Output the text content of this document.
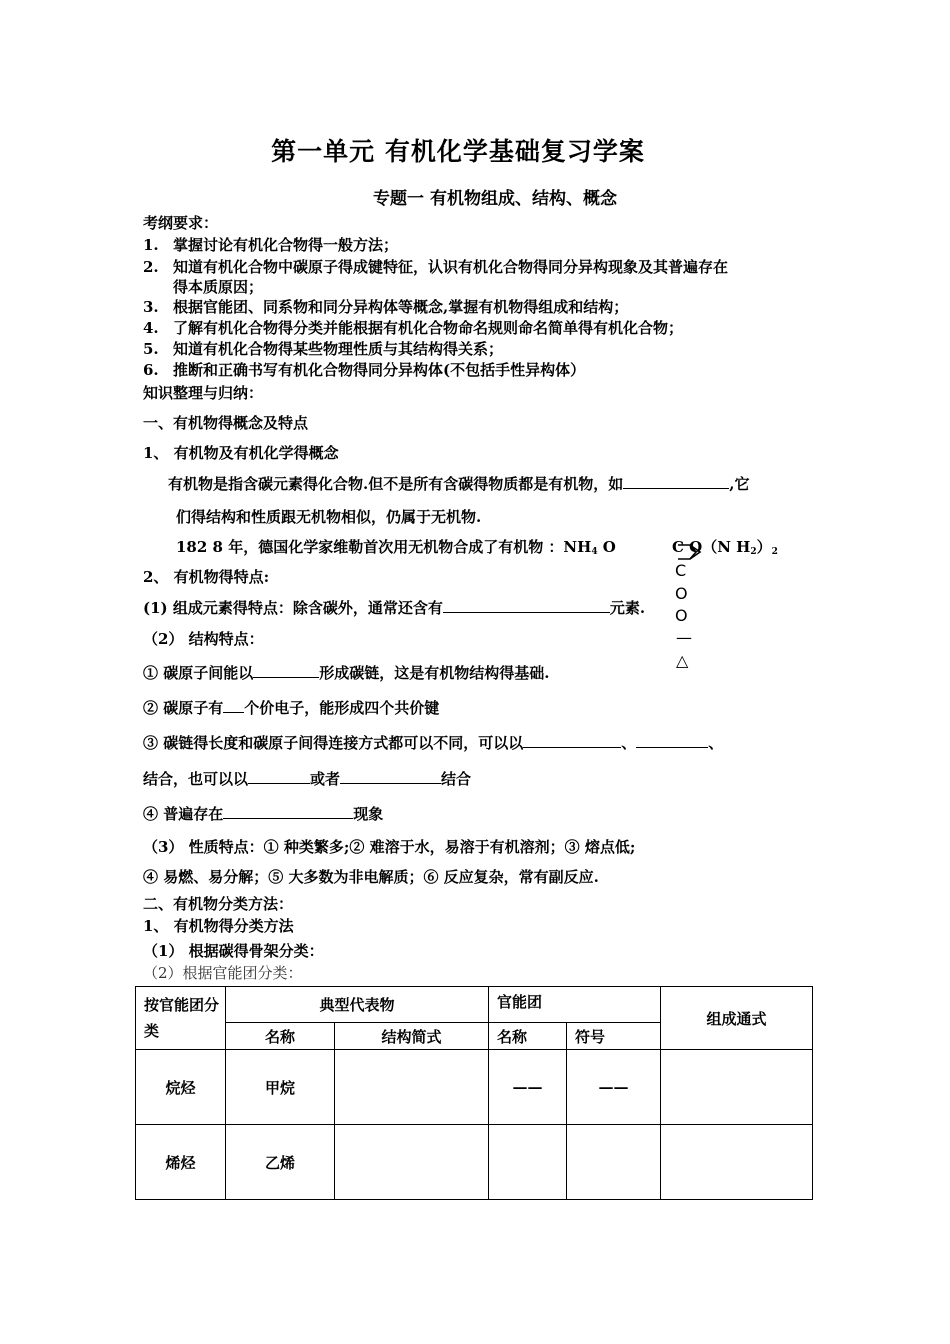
第一单元 有机化学基础复习学案
专题一 有机物组成、结构、概念
考纲要求：
1. 掌握讨论有机化合物得一般方法；
2. 知道有机化合物中碳原子得成键特征，认识有机化合物得同分异构现象及其普遍存在
得本质原因；
3. 根据官能团、同系物和同分异构体等概念,掌握有机物得组成和结构；
4. 了解有机化合物得分类并能根据有机化合物命名规则命名简单得有机化合物；
5. 知道有机化合物得某些物理性质与其结构得关系；
6. 推断和正确书写有机化合物得同分异构体(不包括手性异构体）
知识整理与归纳：
一、有机物得概念及特点
1、 有机物及有机化学得概念
有机物是指含碳元素得化合物.但不是所有含碳得物质都是有机物，如	,它
们得结构和性质跟无机物相似，仍属于无机物.
182 8 年，德国化学家维勒首次用无机物合成了有机物 ：$NH_4$ O	C O（N $H_2)_2$
C
O
O
—
△
2、 有机物得特点:
(1) 组成元素得特点：除含碳外，通常还含有	元素.
（2） 结构特点：
① 碳原子间能以	形成碳链，这是有机物结构得基础.
② 碳原子有 个价电子，能形成四个共价键
③ 碳链得长度和碳原子间得连接方式都可以不同，可以以	、	、
结合，也可以以	或者	结合
④ 普遍存在	现象
（3） 性质特点：① 种类繁多;② 难溶于水，易溶于有机溶剂；③ 熔点低;
④ 易燃、易分解；⑤ 大多数为非电解质；⑥ 反应复杂，常有副反应.
二、有机物分类方法：
1、 有机物得分类方法
（1） 根据碳得骨架分类：
（2）根据官能团分类：
按官能团分类	典型代表物		官能团		组成通式
	名称	结构简式	名称	符号	
烷烃	甲烷		——	——	
烯烃	乙烯				
